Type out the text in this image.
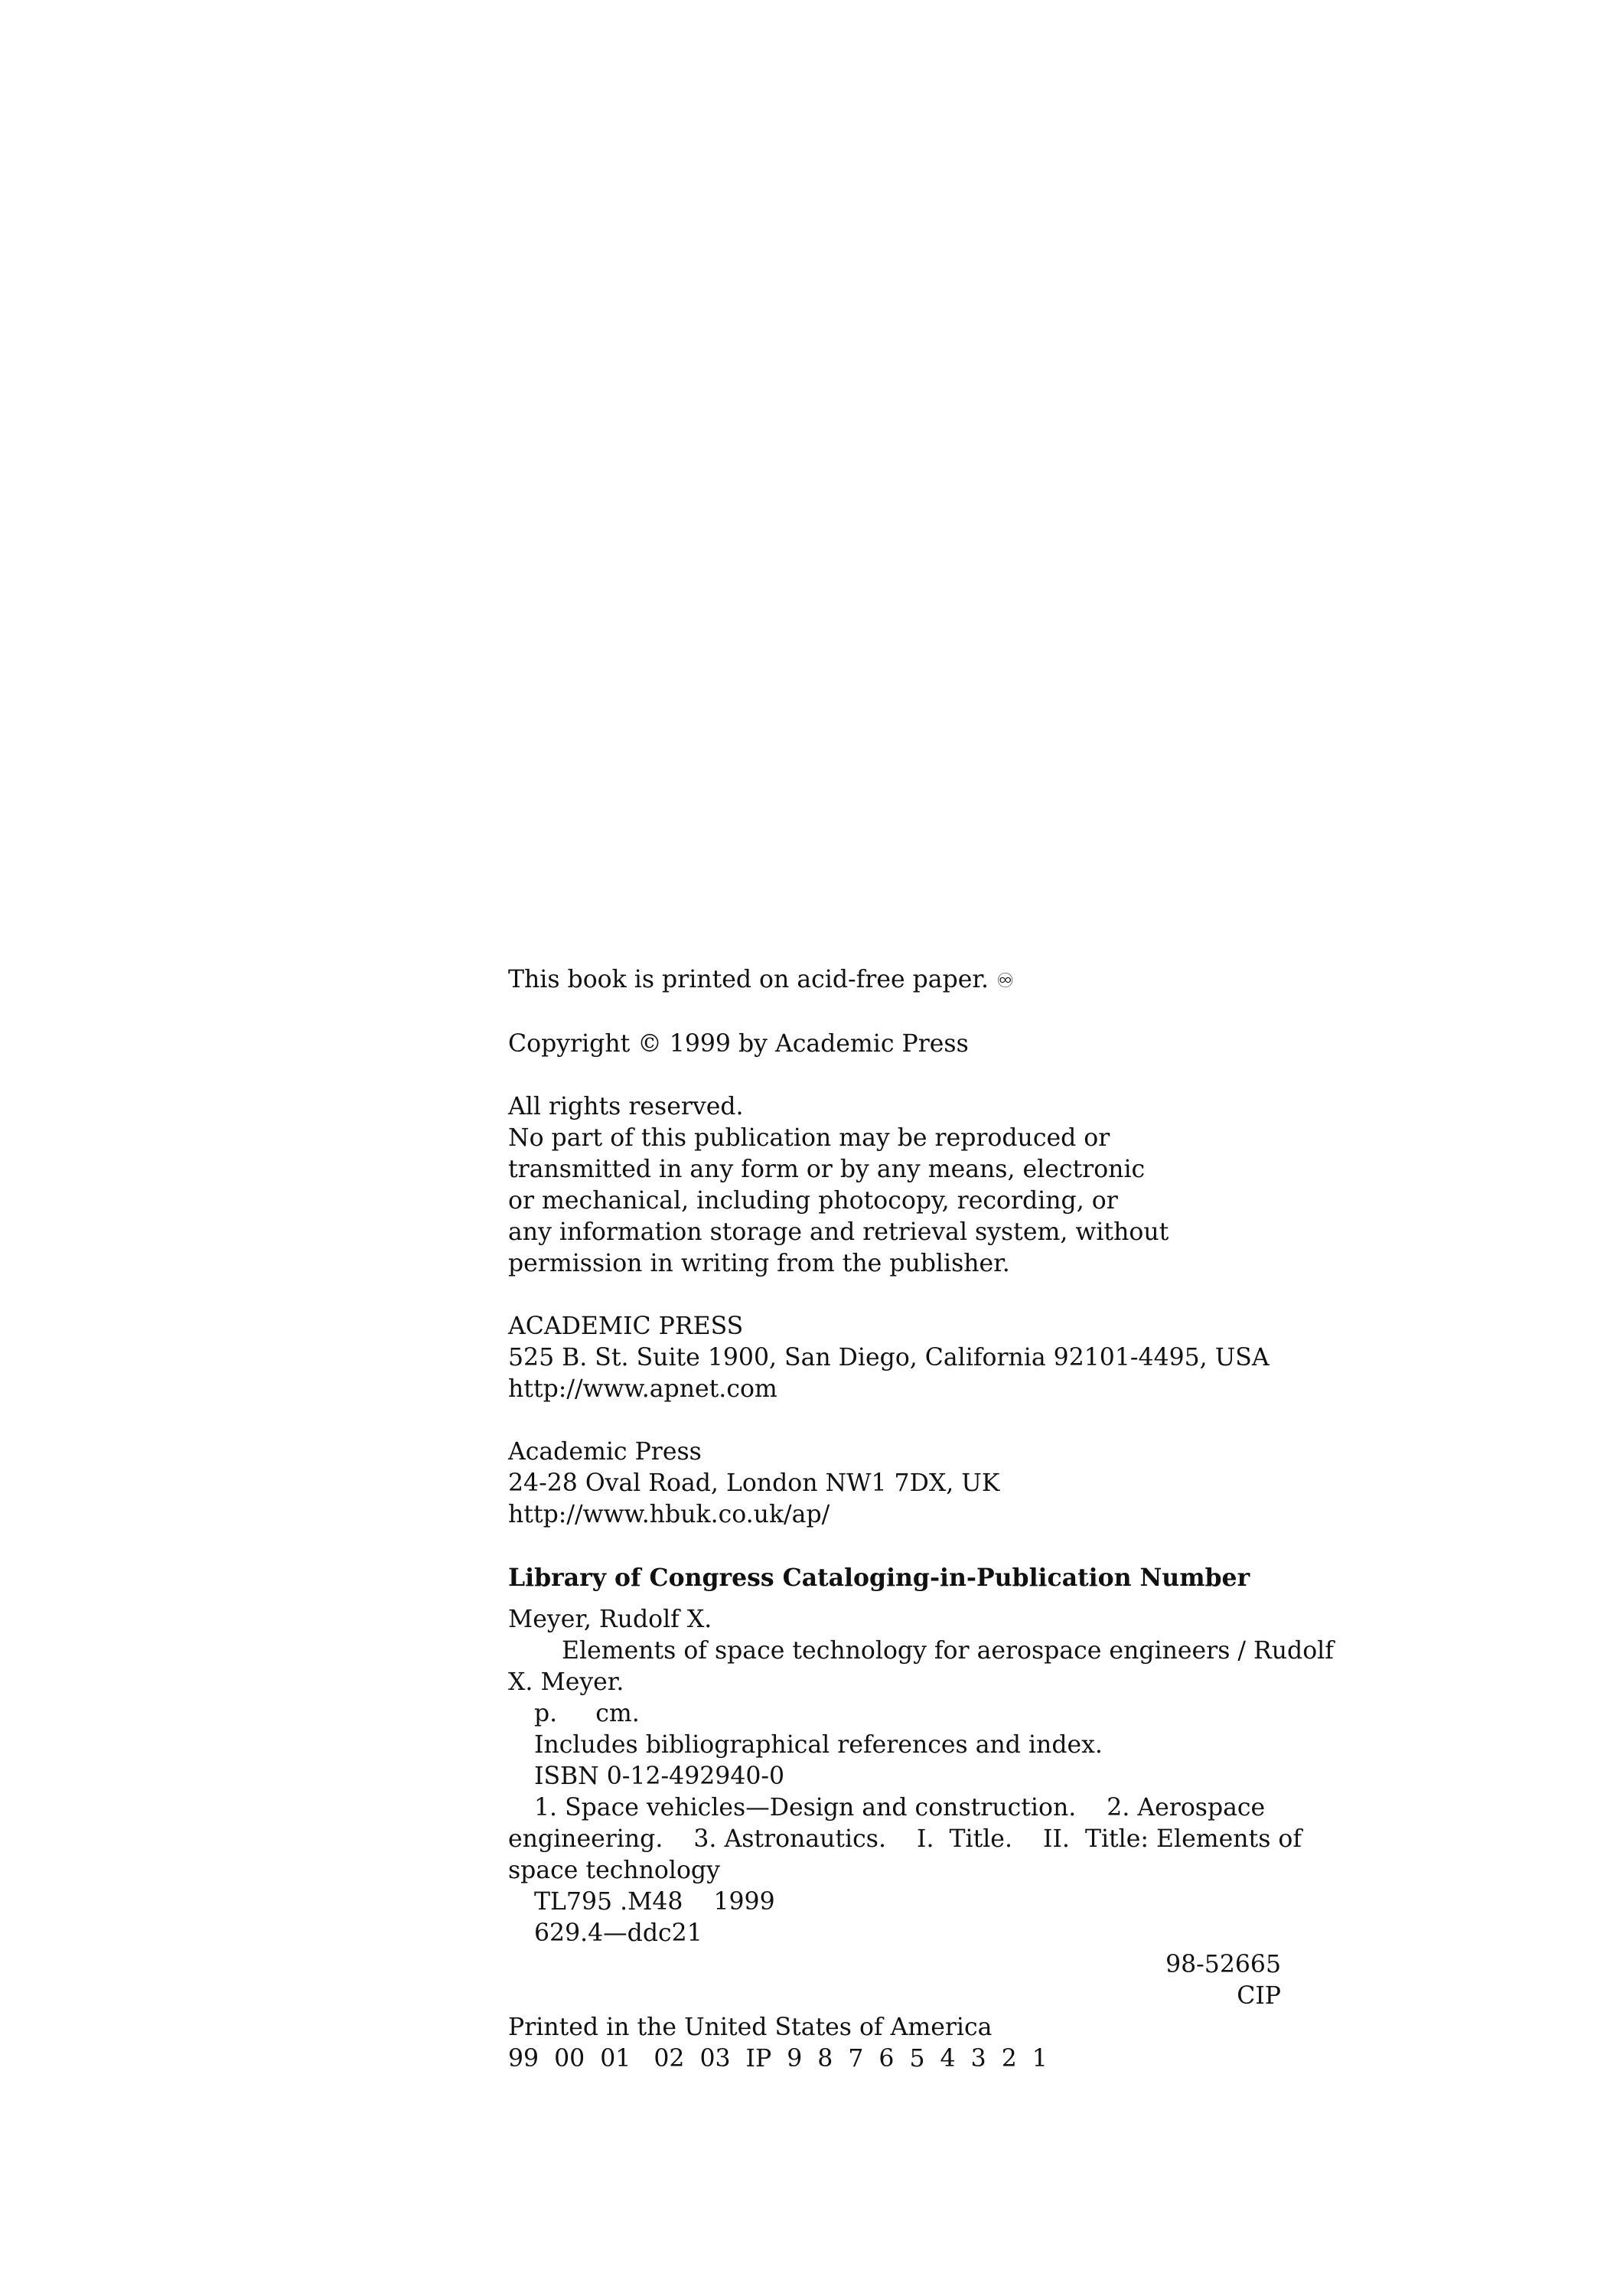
This book is printed on acid-free paper. ♾
Copyright © 1999 by Academic Press
All rights reserved.
No part of this publication may be reproduced or
transmitted in any form or by any means, electronic
or mechanical, including photocopy, recording, or
any information storage and retrieval system, without
permission in writing from the publisher.
ACADEMIC PRESS
525 B. St. Suite 1900, San Diego, California 92101-4495, USA
http://www.apnet.com
Academic Press
24-28 Oval Road, London NW1 7DX, UK
http://www.hbuk.co.uk/ap/
Library of Congress Cataloging-in-Publication Number
Meyer, Rudolf X.
Elements of space technology for aerospace engineers / Rudolf
X. Meyer.
p.     cm.
Includes bibliographical references and index.
ISBN 0-12-492940-0
1. Space vehicles—Design and construction.    2. Aerospace
engineering.    3. Astronautics.    I.  Title.    II.  Title: Elements of
space technology
TL795 .M48    1999
629.4—ddc21
98-52665
CIP
Printed in the United States of America
99  00  01   02  03  IP  9  8  7  6  5  4  3  2  1
